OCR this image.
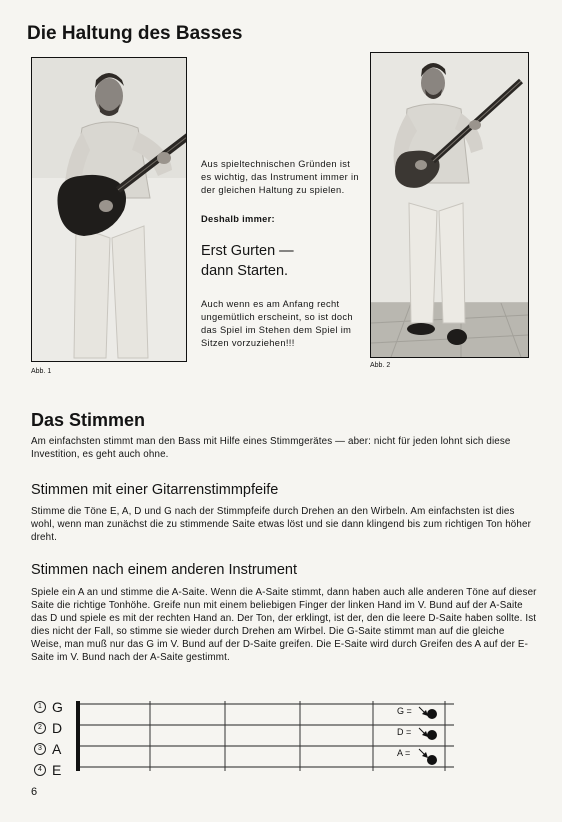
Die Haltung des Basses
Abb. 1
Abb. 2
Aus spieltechnischen Gründen ist es wichtig, das Instrument immer in der gleichen Haltung zu spielen.
Deshalb immer:
Erst Gurten —
dann Starten.
Auch wenn es am Anfang recht ungemütlich erscheint, so ist doch das Spiel im Stehen dem Spiel im Sitzen vorzuziehen!!!
Das Stimmen
Am einfachsten stimmt man den Bass mit Hilfe eines Stimmgerätes — aber: nicht für jeden lohnt sich diese Investition, es geht auch ohne.
Stimmen mit einer Gitarrenstimmpfeife
Stimme die Töne E, A, D und G nach der Stimmpfeife durch Drehen an den Wirbeln. Am einfachsten ist dies wohl, wenn man zunächst die zu stimmende Saite etwas löst und sie dann klingend bis zum richtigen Ton höher dreht.
Stimmen nach einem anderen Instrument
Spiele ein A an und stimme die A-Saite. Wenn die A-Saite stimmt, dann haben auch alle anderen Töne auf dieser Saite die richtige Tonhöhe. Greife nun mit einem beliebigen Finger der linken Hand im V. Bund auf der A-Saite das D und spiele es mit der rechten Hand an. Der Ton, der erklingt, ist der, den die leere D-Saite haben sollte. Ist dies nicht der Fall, so stimme sie wieder durch Drehen am Wirbel. Die G-Saite stimmt man auf die gleiche Weise, man muß nur das G im V. Bund auf der D-Saite greifen. Die E-Saite wird durch Greifen des A auf der E-Saite im V. Bund nach der A-Saite gestimmt.
1 G
2 D
3 A
4 E
G =
D =
A =
6
